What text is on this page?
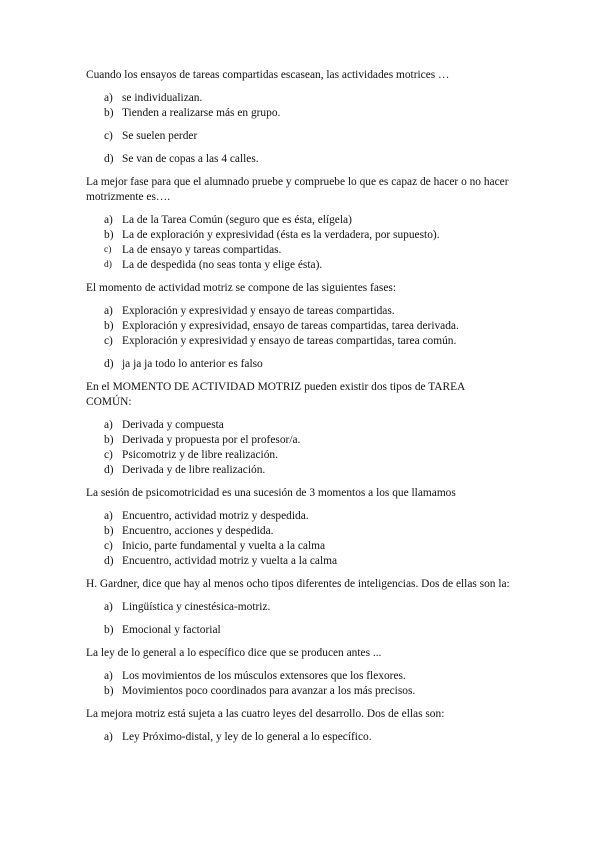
Cuando los ensayos de tareas compartidas escasean, las actividades motrices …

a) se individualizan.
b) Tienden a realizarse más en grupo.
c) Se suelen perder
d) Se van de copas a las 4 calles.

La mejor fase para que el alumnado pruebe y compruebe lo que es capaz de hacer o no hacer motrizmente es….

a) La de la Tarea Común (seguro que es ésta, elígela)
b) La de exploración y expresividad (ésta es la verdadera, por supuesto).
c) La de ensayo y tareas compartidas.
d) La de despedida (no seas tonta y elige ésta).

El momento de actividad motriz se compone de las siguientes fases:

a) Exploración y expresividad y ensayo de tareas compartidas.
b) Exploración y expresividad, ensayo de tareas compartidas, tarea derivada.
c) Exploración y expresividad y ensayo de tareas compartidas, tarea común.
d) ja ja ja todo lo anterior es falso

En el MOMENTO DE ACTIVIDAD MOTRIZ pueden existir dos tipos de TAREA COMÚN:

a) Derivada y compuesta
b) Derivada y propuesta por el profesor/a.
c) Psicomotriz y de libre realización.
d) Derivada y de libre realización.

La sesión de psicomotricidad es una sucesión de 3 momentos a los que llamamos

a) Encuentro, actividad motriz y despedida.
b) Encuentro, acciones y despedida.
c) Inicio, parte fundamental y vuelta a la calma
d) Encuentro, actividad motriz y vuelta a la calma

H. Gardner, dice que hay al menos ocho tipos diferentes de inteligencias. Dos de ellas son la:

a) Lingüística y cinestésica-motriz.
b) Emocional y factorial

La ley de lo general a lo específico dice que se producen antes ...

a) Los movimientos de los músculos extensores que los flexores.
b) Movimientos poco coordinados para avanzar a los más precisos.

La mejora motriz está sujeta a las cuatro leyes del desarrollo. Dos de ellas son:

a) Ley Próximo-distal, y ley de lo general a lo específico.
